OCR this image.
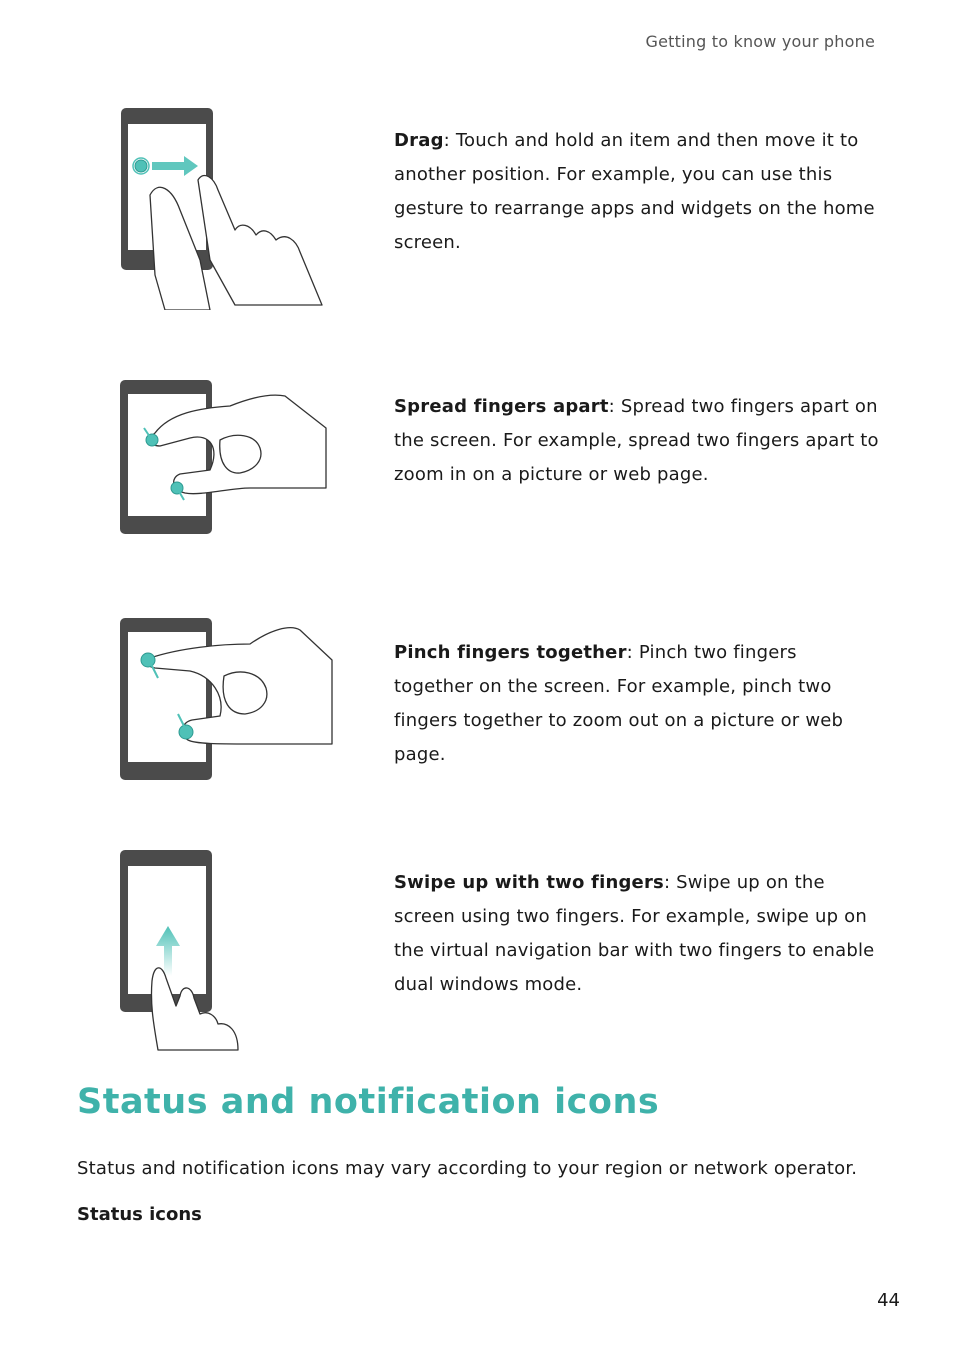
Getting to know your phone
Drag: Touch and hold an item and then move it to another position. For example, you can use this gesture to rearrange apps and widgets on the home screen.
Spread fingers apart: Spread two fingers apart on the screen. For example, spread two fingers apart to zoom in on a picture or web page.
Pinch fingers together: Pinch two fingers together on the screen. For example, pinch two fingers together to zoom out on a picture or web page.
Swipe up with two fingers: Swipe up on the screen using two fingers. For example, swipe up on the virtual navigation bar with two fingers to enable dual windows mode.
Status and notification icons
Status and notification icons may vary according to your region or network operator.
Status icons
44
